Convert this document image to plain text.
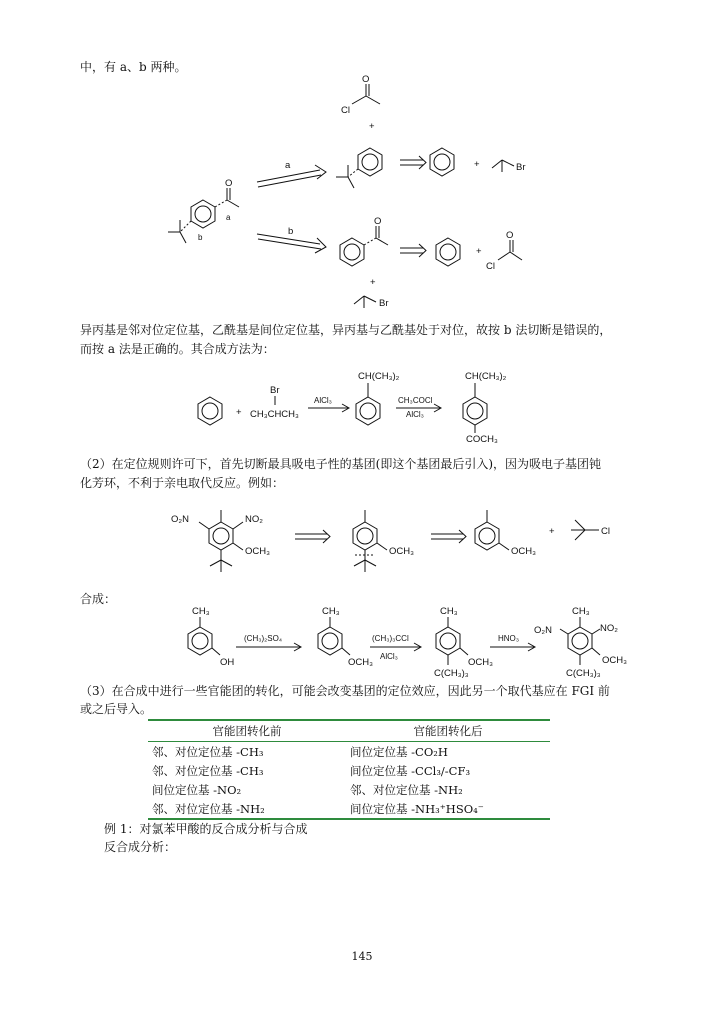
中，有 a、b 两种。
O
Cl
+
O
a
b
a
b
+	Br
O
+
O
Cl
+
Br
异丙基是邻对位定位基，乙酰基是间位定位基，异丙基与乙酰基处于对位，故按 b 法切断是错误的，
而按 a 法是正确的。其合成方法为：
+
Br
CH₃CHCH₃
AlCl₃
CH(CH₃)₂
CH₃COCl
AlCl₃
CH(CH₃)₂
COCH₃
（2）在定位规则许可下，首先切断最具吸电子性的基团(即这个基团最后引入)，因为吸电子基团钝
化芳环，不利于亲电取代反应。例如：
O₂N	NO₂
OCH₃	OCH₃	OCH₃
+	Cl
合成：
CH₃
OH
(CH₃)₂SO₄
CH₃
OCH₃
(CH₃)₃CCl
AlCl₃
CH₃
OCH₃
C(CH₃)₃
HNO₃
CH₃
O₂N	NO₂
OCH₃
C(CH₃)₃
（3）在合成中进行一些官能团的转化，可能会改变基团的定位效应，因此另一个取代基应在 FGI 前
或之后导入。
官能团转化前	官能团转化后
邻、对位定位基 -CH₃	间位定位基 -CO₂H
邻、对位定位基 -CH₃	间位定位基 -CCl₃/-CF₃
间位定位基 -NO₂	邻、对位定位基 -NH₂
邻、对位定位基 -NH₂	间位定位基 -NH₃⁺HSO₄⁻
例 1：对氯苯甲酸的反合成分析与合成
反合成分析：
145
